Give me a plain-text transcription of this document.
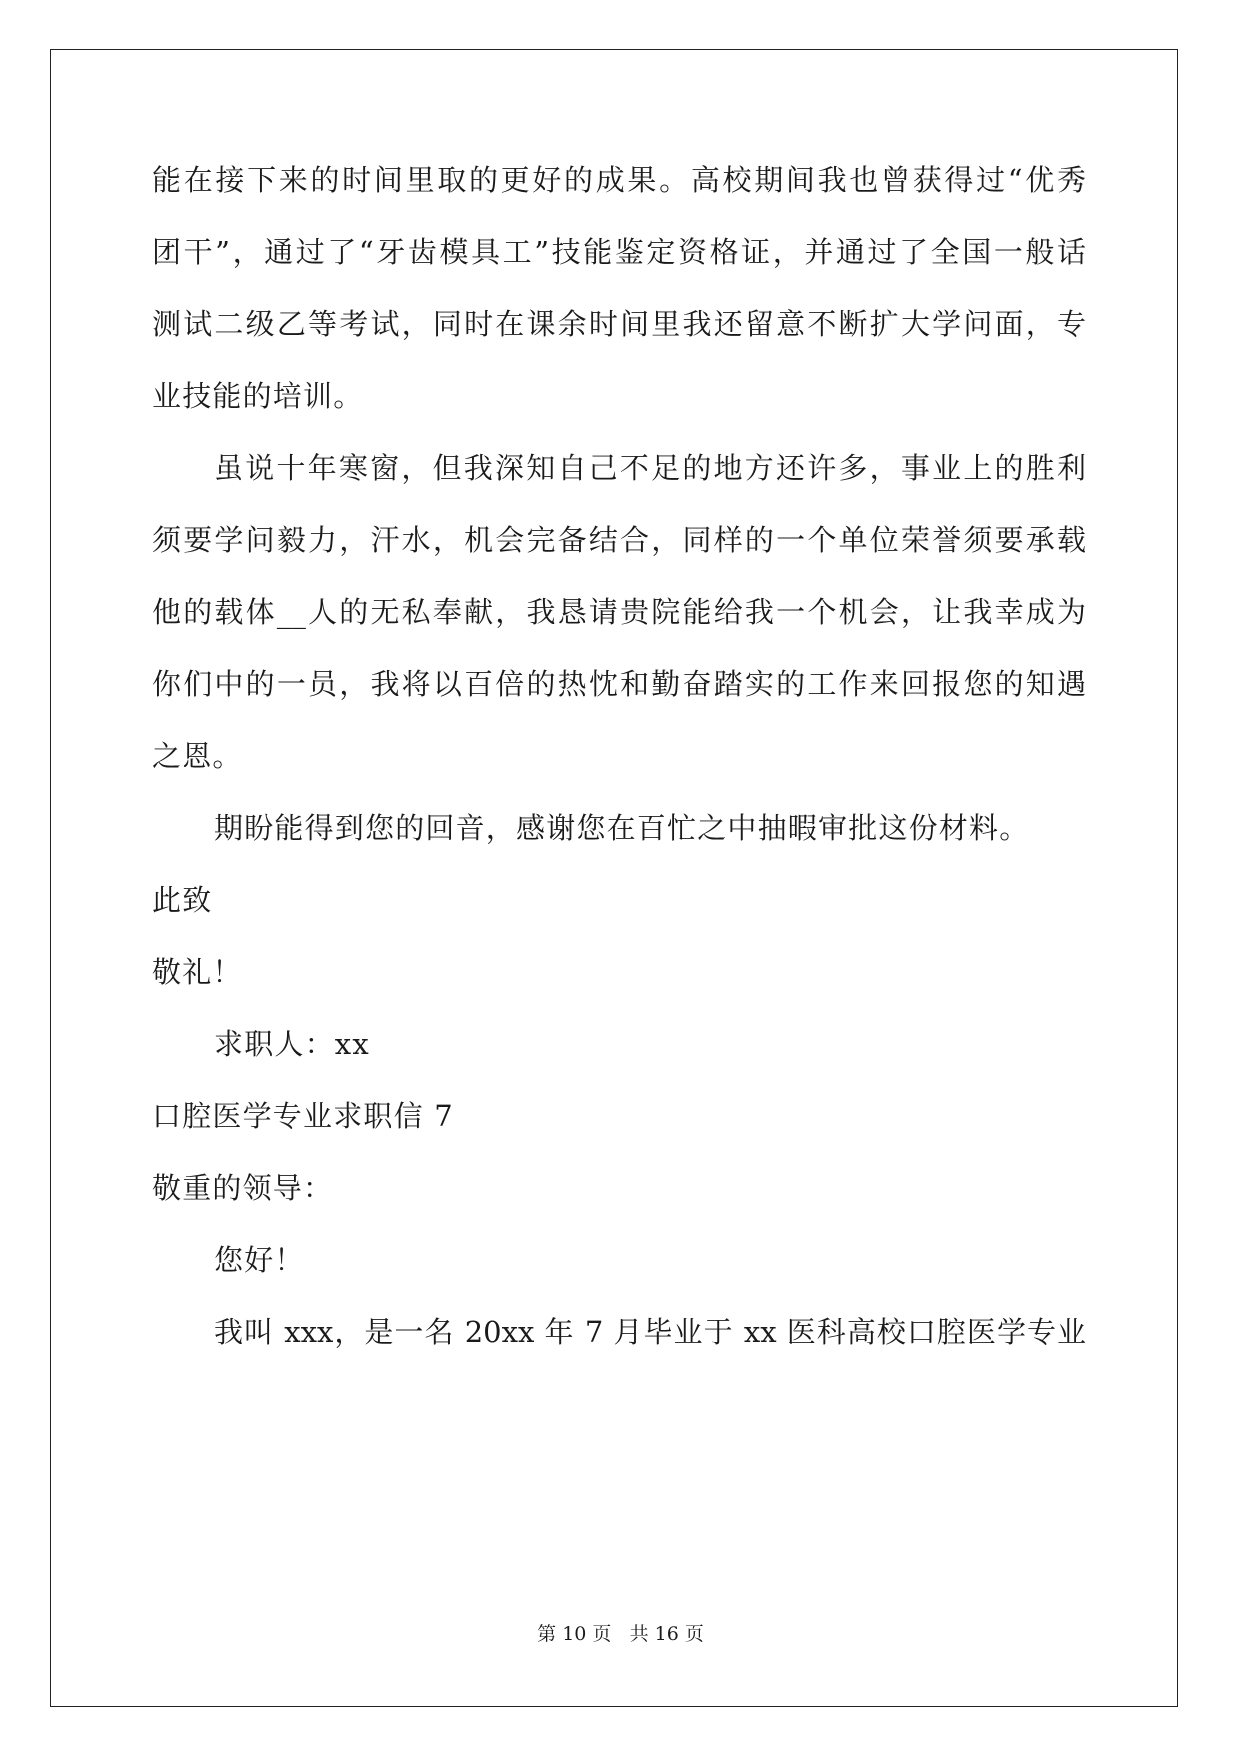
能在接下来的时间里取的更好的成果。高校期间我也曾获得过“优秀
团干”，通过了“牙齿模具工”技能鉴定资格证，并通过了全国一般话
测试二级乙等考试，同时在课余时间里我还留意不断扩大学问面，专
业技能的培训。
虽说十年寒窗，但我深知自己不足的地方还许多，事业上的胜利
须要学问毅力，汗水，机会完备结合，同样的一个单位荣誉须要承载
他的载体__人的无私奉献，我恳请贵院能给我一个机会，让我幸成为
你们中的一员，我将以百倍的热忱和勤奋踏实的工作来回报您的知遇
之恩。
期盼能得到您的回音，感谢您在百忙之中抽暇审批这份材料。
此致
敬礼！
求职人：xx
口腔医学专业求职信 7
敬重的领导：
您好！
我叫 xxx，是一名 20xx 年 7 月毕业于 xx 医科高校口腔医学专业
第 10 页 共 16 页
